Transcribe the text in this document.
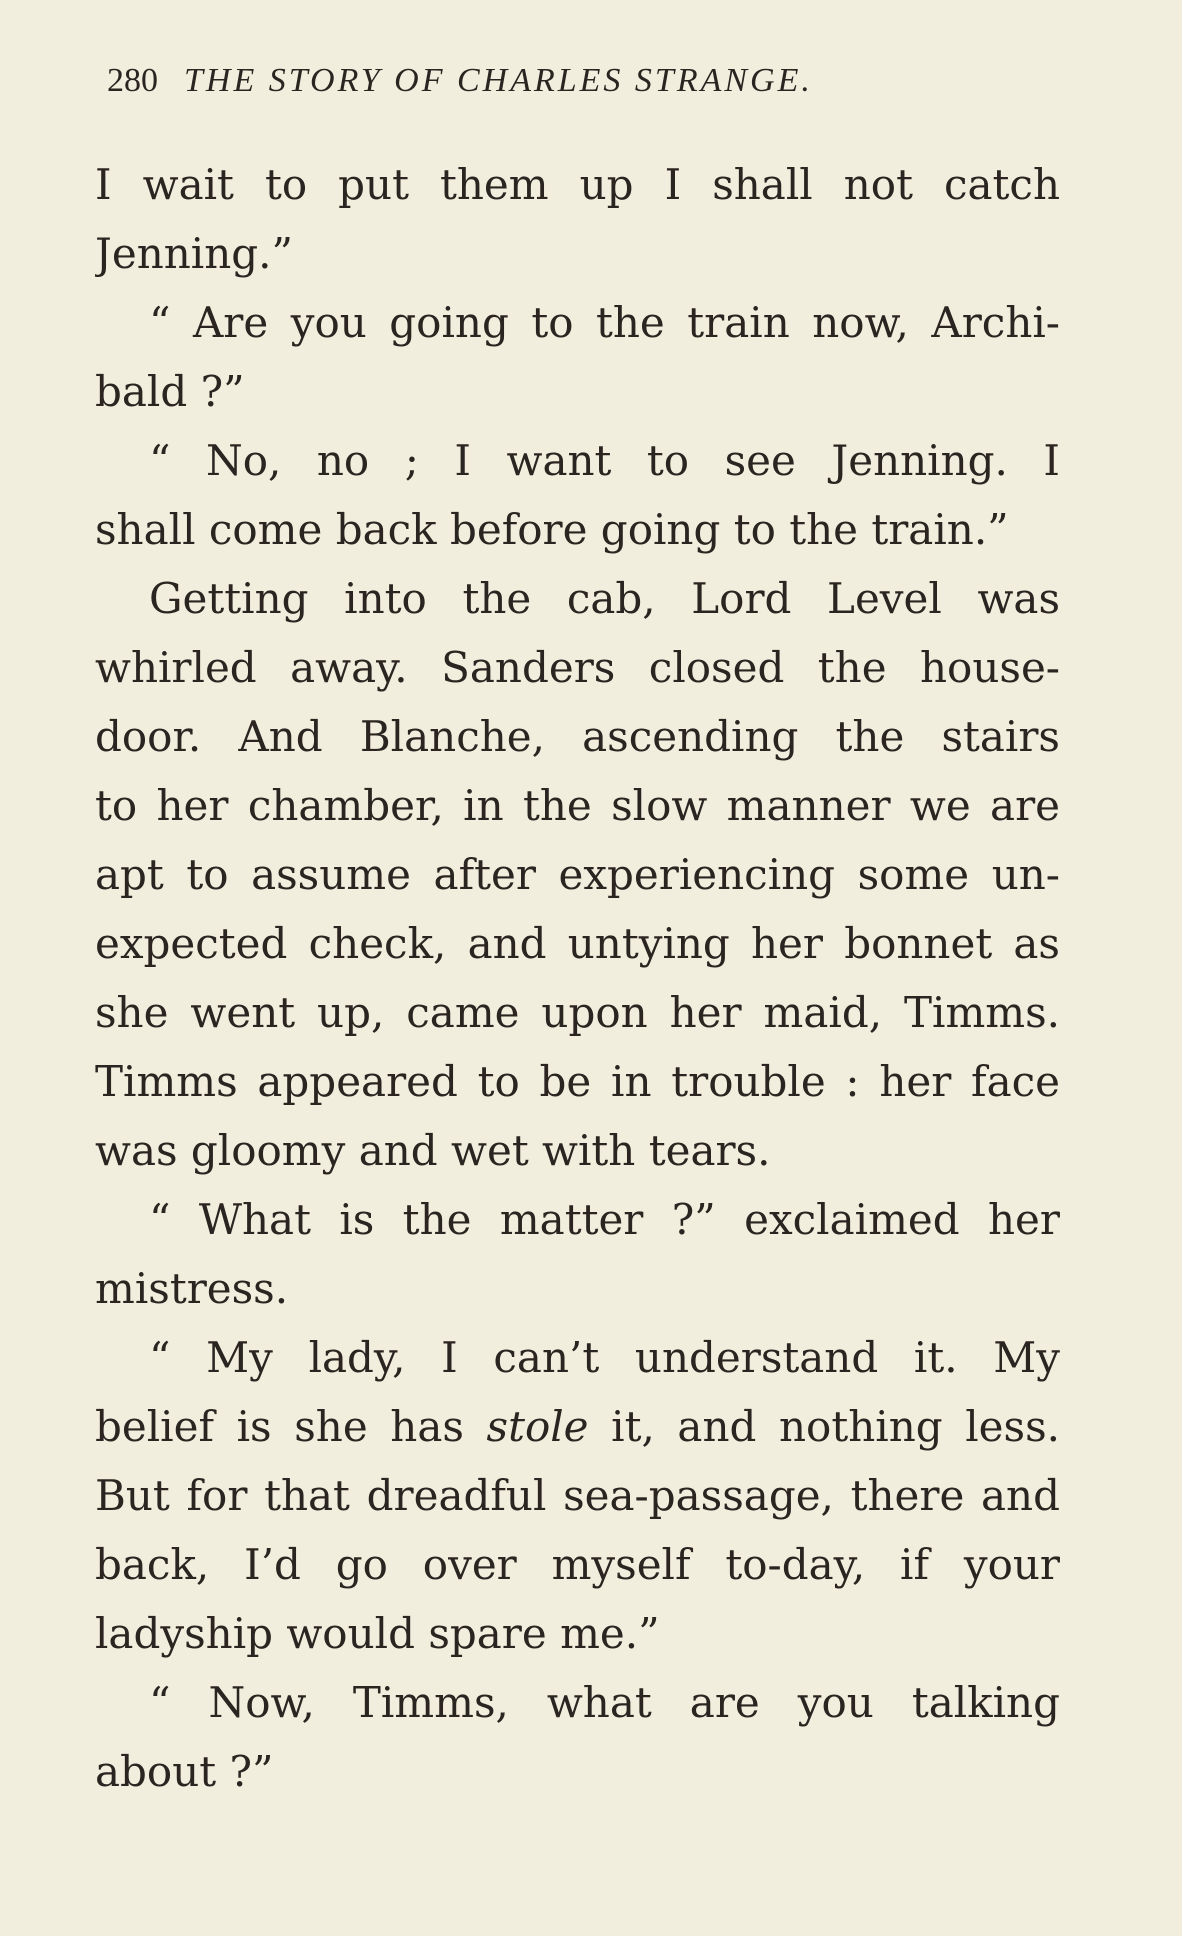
280 THE STORY OF CHARLES STRANGE.
I wait to put them up I shall not catch
Jenning.”
“ Are you going to the train now, Archi-
bald ?”
“ No, no ; I want to see Jenning. I
shall come back before going to the train.”
Getting into the cab, Lord Level was
whirled away. Sanders closed the house-
door. And Blanche, ascending the stairs
to her chamber, in the slow manner we are
apt to assume after experiencing some un-
expected check, and untying her bonnet as
she went up, came upon her maid, Timms.
Timms appeared to be in trouble : her face
was gloomy and wet with tears.
“ What is the matter ?” exclaimed her
mistress.
“ My lady, I can’t understand it. My
belief is she has stole it, and nothing less.
But for that dreadful sea-passage, there and
back, I’d go over myself to-day, if your
ladyship would spare me.”
“ Now, Timms, what are you talking
about ?”
